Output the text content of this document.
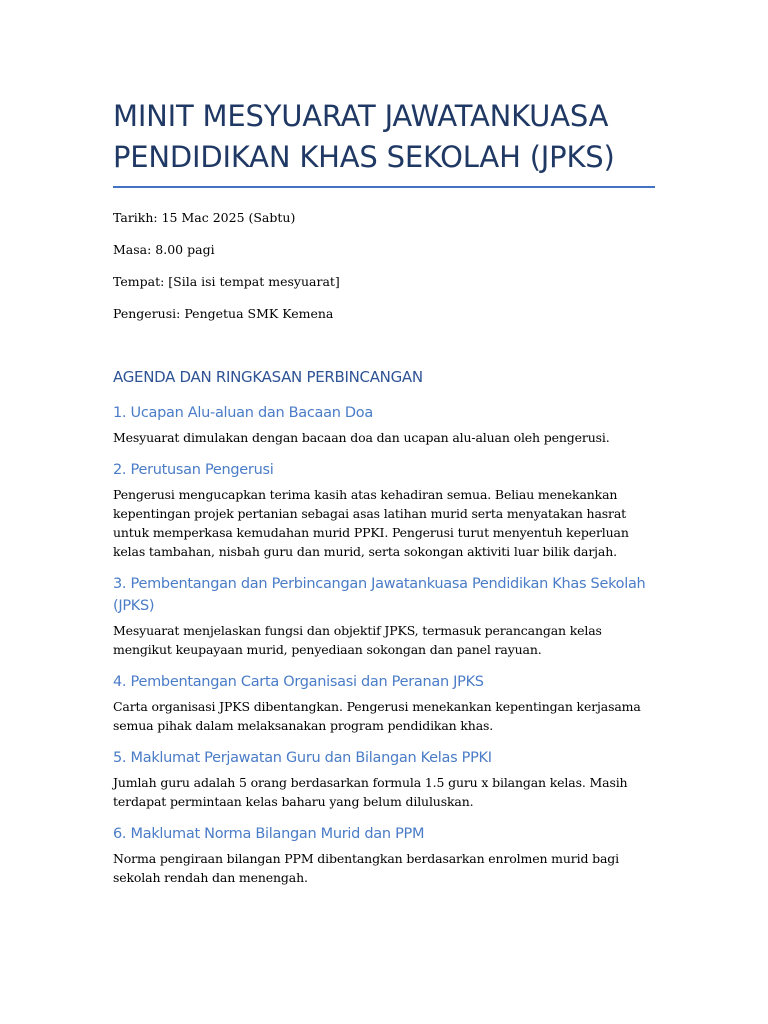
MINIT MESYUARAT JAWATANKUASA
PENDIDIKAN KHAS SEKOLAH (JPKS)

Tarikh: 15 Mac 2025 (Sabtu)

Masa: 8.00 pagi

Tempat: [Sila isi tempat mesyuarat]

Pengerusi: Pengetua SMK Kemena

AGENDA DAN RINGKASAN PERBINCANGAN
1. Ucapan Alu-aluan dan Bacaan Doa

Mesyuarat dimulakan dengan bacaan doa dan ucapan alu-aluan oleh pengerusi.

2. Perutusan Pengerusi

Pengerusi mengucapkan terima kasih atas kehadiran semua. Beliau menekankan kepentingan projek pertanian sebagai asas latihan murid serta menyatakan hasrat untuk memperkasa kemudahan murid PPKI. Pengerusi turut menyentuh keperluan kelas tambahan, nisbah guru dan murid, serta sokongan aktiviti luar bilik darjah.

3. Pembentangan dan Perbincangan Jawatankuasa Pendidikan Khas Sekolah (JPKS)

Mesyuarat menjelaskan fungsi dan objektif JPKS, termasuk perancangan kelas mengikut keupayaan murid, penyediaan sokongan dan panel rayuan.

4. Pembentangan Carta Organisasi dan Peranan JPKS

Carta organisasi JPKS dibentangkan. Pengerusi menekankan kepentingan kerjasama semua pihak dalam melaksanakan program pendidikan khas.

5. Maklumat Perjawatan Guru dan Bilangan Kelas PPKI

Jumlah guru adalah 5 orang berdasarkan formula 1.5 guru x bilangan kelas. Masih terdapat permintaan kelas baharu yang belum diluluskan.

6. Maklumat Norma Bilangan Murid dan PPM

Norma pengiraan bilangan PPM dibentangkan berdasarkan enrolmen murid bagi sekolah rendah dan menengah.
